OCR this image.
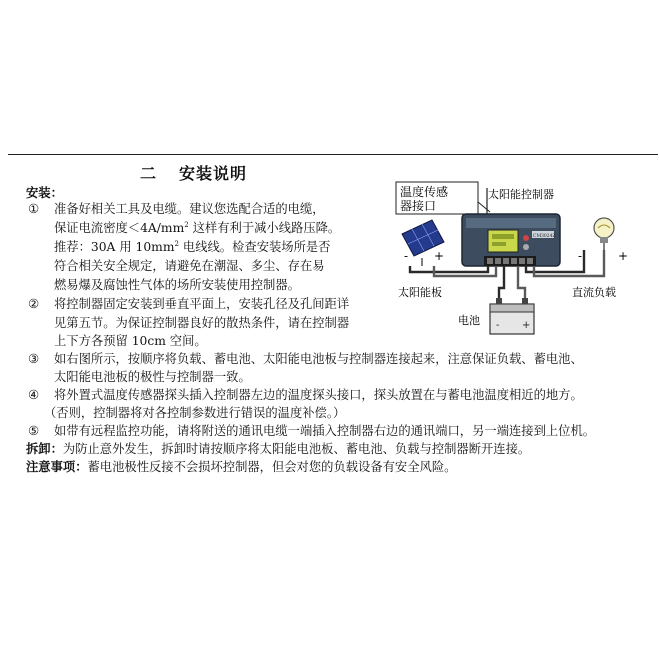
二 安装说明
安装：
① 准备好相关工具及电缆。建议您选配合适的电缆，
保证电流密度$<4A/mm^2$ 这样有利于减小线路压降。
推荐：30A 用 $10mm^2$ 电线线。检查安装场所是否
符合相关安全规定，请避免在潮湿、多尘、存在易
燃易爆及腐蚀性气体的场所安装使用控制器。
② 将控制器固定安装到垂直平面上，安装孔径及孔间距详
见第五节。为保证控制器良好的散热条件，请在控制器
上下方各预留 10cm 空间。
③ 如右图所示，按顺序将负载、蓄电池、太阳能电池板与控制器连接起来，注意保证负载、蓄电池、
太阳能电池板的极性与控制器一致。
④ 将外置式温度传感器探头插入控制器左边的温度探头接口，探头放置在与蓄电池温度相近的地方。
（否则，控制器将对各控制参数进行错误的温度补偿。）
⑤ 如带有远程监控功能，请将附送的通讯电缆一端插入控制器右边的通讯端口，另一端连接到上位机。
拆卸：为防止意外发生，拆卸时请按顺序将太阳能电池板、蓄电池、负载与控制器断开连接。
注意事项：蓄电池极性反接不会损坏控制器，但会对您的负载设备有安全风险。
温度传感
器接口
太阳能控制器
CM3024Z
- +
太阳能板
-	+
直流负载
- +
电池
